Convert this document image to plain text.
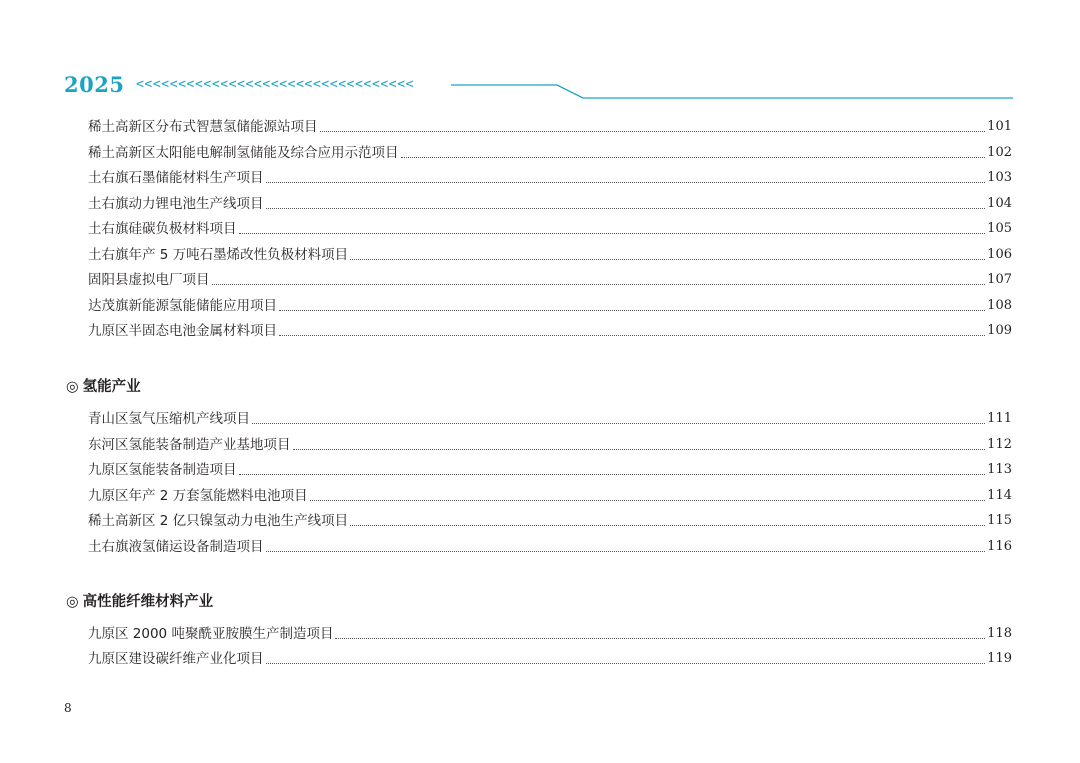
2025 <<<<<<<<<<<<<<<<<<<<<<<<<<<<<<<<<
稀土高新区分布式智慧氢储能源站项目	101
稀土高新区太阳能电解制氢储能及综合应用示范项目	102
土右旗石墨储能材料生产项目	103
土右旗动力锂电池生产线项目	104
土右旗硅碳负极材料项目	105
土右旗年产 5 万吨石墨烯改性负极材料项目	106
固阳县虚拟电厂项目	107
达茂旗新能源氢能储能应用项目	108
九原区半固态电池金属材料项目	109
◎ 氢能产业
青山区氢气压缩机产线项目	111
东河区氢能装备制造产业基地项目	112
九原区氢能装备制造项目	113
九原区年产 2 万套氢能燃料电池项目	114
稀土高新区 2 亿只镍氢动力电池生产线项目	115
土右旗液氢储运设备制造项目	116
◎ 高性能纤维材料产业
九原区 2000 吨聚酰亚胺膜生产制造项目	118
九原区建设碳纤维产业化项目	119
8
